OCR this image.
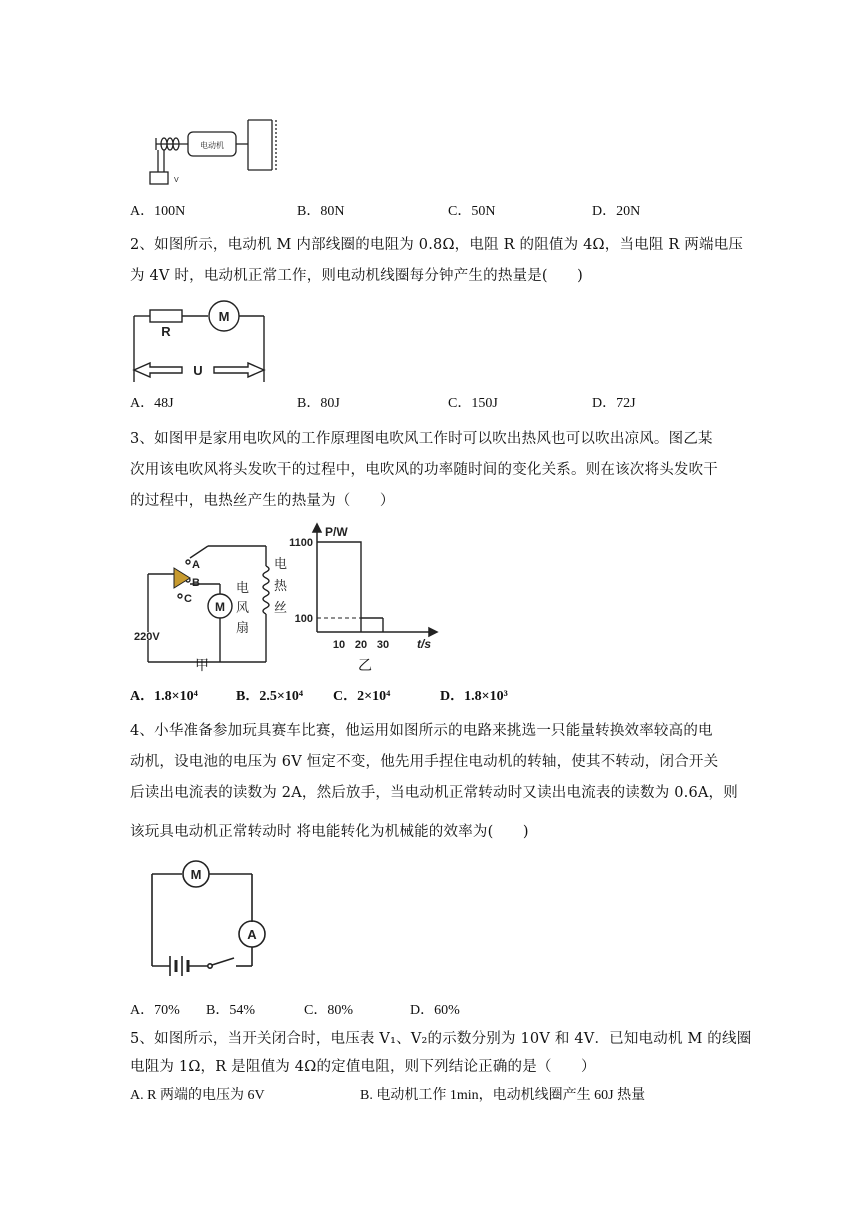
电动机
V
A．100N	B．80N	C．50N	D．20N
2、如图所示，电动机 M 内部线圈的电阻为 0.8Ω，电阻 R 的阻值为 4Ω，当电阻 R 两端电压
为 4V 时，电动机正常工作，则电动机线圈每分钟产生的热量是(　　)
R
M
U
A．48J	B．80J	C．150J	D．72J
3、如图甲是家用电吹风的工作原理图电吹风工作时可以吹出热风也可以吹出凉风。图乙某
次用该电吹风将头发吹干的过程中，电吹风的功率随时间的变化关系。则在该次将头发吹干
的过程中，电热丝产生的热量为（　　）
A
B
C
220V
M
电
风
扇
电
热
丝
甲
10 20 30
100
1100
P/W
t/s
乙
A．1.8×10⁴	B．2.5×10⁴ C．2×10⁴	D．1.8×10³
4、小华准备参加玩具赛车比赛，他运用如图所示的电路来挑选一只能量转换效率较高的电
动机，设电池的电压为 6V 恒定不变，他先用手捏住电动机的转轴，使其不转动，闭合开关
后读出电流表的读数为 2A，然后放手，当电动机正常转动时又读出电流表的读数为 0.6A，则
该玩具电动机正常转动时 将电能转化为机械能的效率为(　　)
M
A
A．70% B．54%	C．80%	D．60%
5、如图所示，当开关闭合时，电压表 V₁、V₂的示数分别为 10V 和 4V．已知电动机 M 的线圈
电阻为 1Ω，R 是阻值为 4Ω的定值电阻，则下列结论正确的是（　　）
A. R 两端的电压为 6V	B. 电动机工作 1min，电动机线圈产生 60J 热量
